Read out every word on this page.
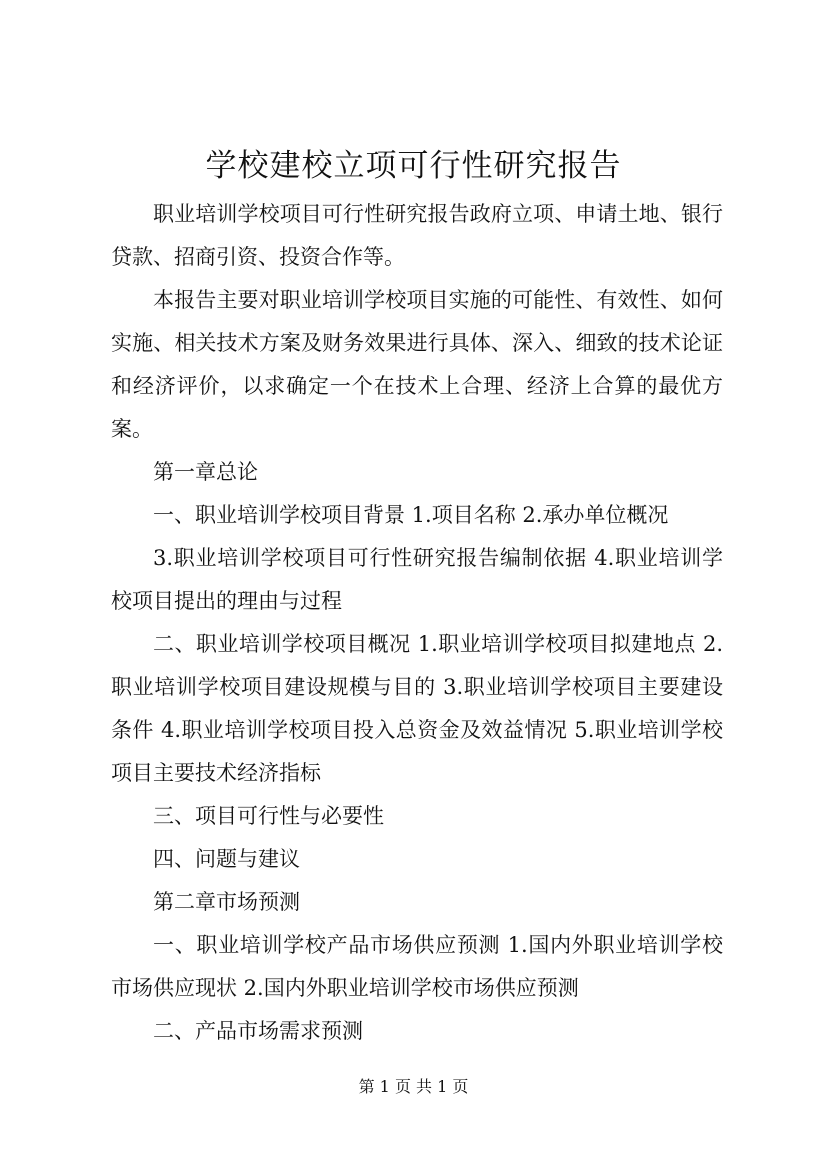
学校建校立项可行性研究报告

职业培训学校项目可行性研究报告政府立项、申请土地、银行贷款、招商引资、投资合作等。

本报告主要对职业培训学校项目实施的可能性、有效性、如何实施、相关技术方案及财务效果进行具体、深入、细致的技术论证和经济评价，以求确定一个在技术上合理、经济上合算的最优方案。

第一章总论

一、职业培训学校项目背景 1.项目名称 2.承办单位概况

3.职业培训学校项目可行性研究报告编制依据 4.职业培训学校项目提出的理由与过程

二、职业培训学校项目概况 1.职业培训学校项目拟建地点 2.职业培训学校项目建设规模与目的 3.职业培训学校项目主要建设条件 4.职业培训学校项目投入总资金及效益情况 5.职业培训学校项目主要技术经济指标

三、项目可行性与必要性

四、问题与建议

第二章市场预测

一、职业培训学校产品市场供应预测 1.国内外职业培训学校市场供应现状 2.国内外职业培训学校市场供应预测

二、产品市场需求预测

第 1 页 共 1 页
